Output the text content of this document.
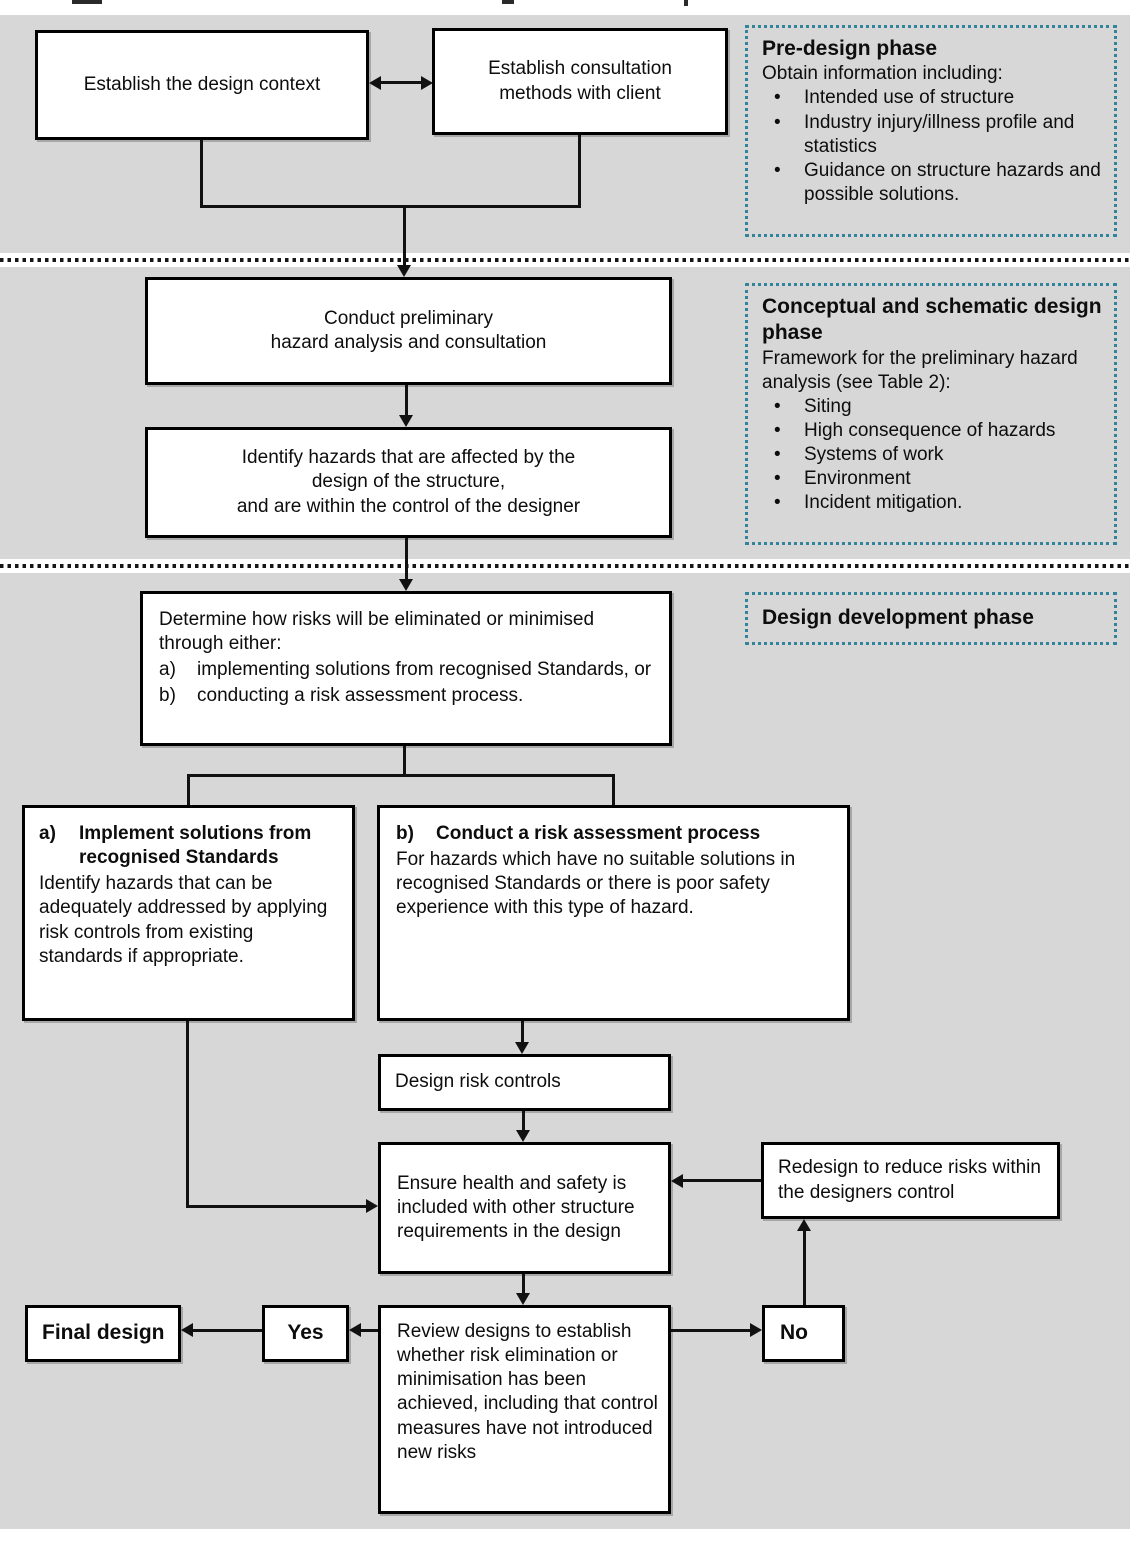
Pre-design phase
Obtain information including:
•	Intended use of structure
•	Industry injury/illness profile and statistics
•	Guidance on structure hazards and possible solutions.
Conceptual and schematic design phase
Framework for the preliminary hazard analysis (see Table 2):
•	Siting
•	High consequence of hazards
•	Systems of work
•	Environment
•	Incident mitigation.
Design development phase
Establish the design context
Establish consultation
methods with client
Conduct preliminary
hazard analysis and consultation
Identify hazards that are affected by the
design of the structure,
and are within the control of the designer
Determine how risks will be eliminated or minimised through either:
a)	implementing solutions from recognised Standards, or
b)	conducting a risk assessment process.
a)	Implement solutions from recognised Standards
Identify hazards that can be adequately addressed by applying risk controls from existing standards if appropriate.
b)	Conduct a risk assessment process
For hazards which have no suitable solutions in recognised Standards or there is poor safety experience with this type of hazard.
Design risk controls
Ensure health and safety is included with other structure requirements in the design
Redesign to reduce risks within the designers control
Review designs to establish whether risk elimination or minimisation has been achieved, including that control measures have not introduced new risks
Final design	Yes	No
